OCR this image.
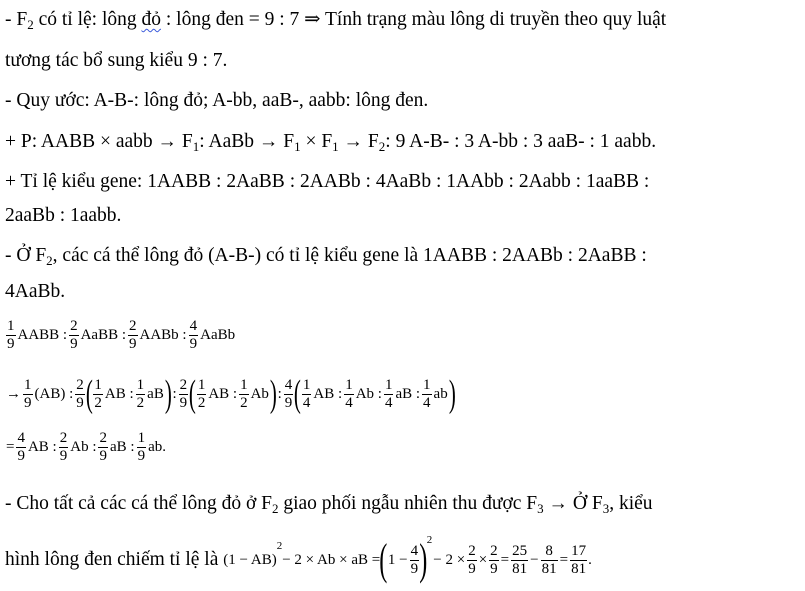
- $F_2$ có tỉ lệ: lông đỏ : lông đen = 9 : 7 ⇒ Tính trạng màu lông di truyền theo quy luật
tương tác bổ sung kiểu 9 : 7.
- Quy ước: A-B-: lông đỏ; A-bb, aaB-, aabb: lông đen.
+ P: AABB × aabb → $F_1$: AaBb → $F_1 \times F_1 \to F_2$: 9 A-B- : 3 A-bb : 3 aaB- : 1 aabb.
+ Tỉ lệ kiểu gene: 1AABB : 2AaBB : 2AABb : 4AaBb : 1AAbb : 2Aabb : 1aaBB :
2aaBb : 1aabb.
- Ở $F_2$, các cá thể lông đỏ (A-B-) có tỉ lệ kiểu gene là 1AABB : 2AABb : 2AaBB :
4AaBb.
$\frac{1}{9}$ AABB : $\frac{2}{9}$ AaBB : $\frac{2}{9}$ AABb : $\frac{4}{9}$ AaBb
→ $\frac{1}{9} (AB)$ : $\frac{2}{9}$ ( $\frac{1}{2}$ AB : $\frac{1}{2}$ aB ) : $\frac{2}{9}$ ( $\frac{1}{2}$ AB : $\frac{1}{2}$ Ab ) : $\frac{4}{9}$ ( $\frac{1}{4}$ AB : $\frac{1}{4}$ Ab : $\frac{1}{4}$ aB : $\frac{1}{4}$ ab )
= $\frac{4}{9}$ AB : $\frac{2}{9}$ Ab : $\frac{2}{9}$ aB : $\frac{1}{9}$ ab.
- Cho tất cả các cá thể lông đỏ ở $F_2$ giao phối ngẫu nhiên thu được $F_3$ → Ở $F_3$, kiểu
hình lông đen chiếm tỉ lệ là
(1 − AB)
2
− 2 × Ab × aB = ( $1 - \frac{4}{9}$ ) 2
− $2 \times \frac{2}{9} \times \frac{2}{9} = \frac{25}{81} - \frac{8}{81} = \frac{17}{81}$ .
